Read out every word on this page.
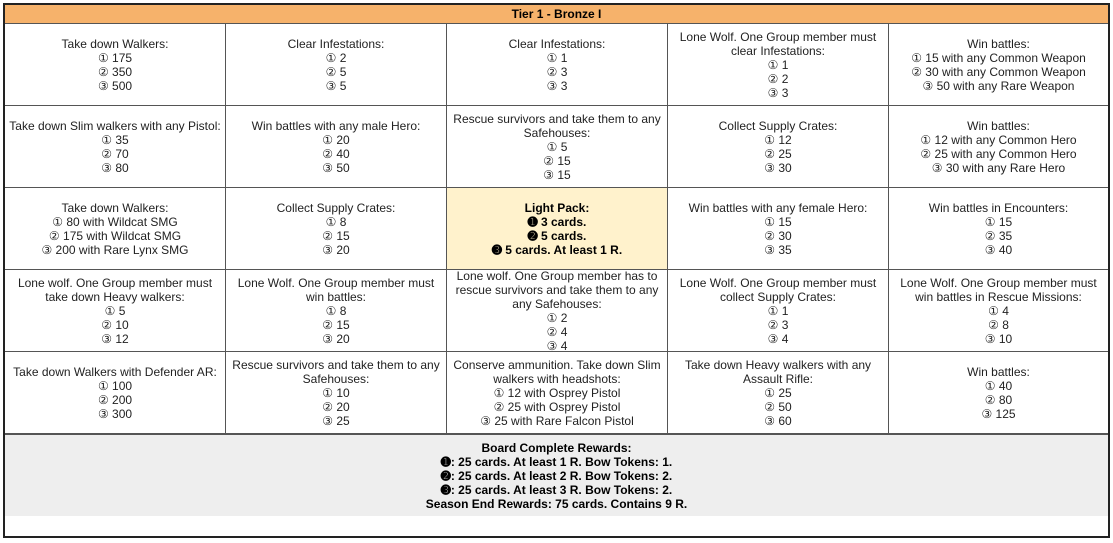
Tier 1 - Bronze I
Take down Walkers:
① 175
② 350
③ 500
Clear Infestations:
① 2
② 5
③ 5
Clear Infestations:
① 1
② 3
③ 3
Lone Wolf. One Group member must clear Infestations:
① 1
② 2
③ 3
Win battles:
① 15 with any Common Weapon
② 30 with any Common Weapon
③ 50 with any Rare Weapon
Take down Slim walkers with any Pistol:
① 35
② 70
③ 80
Win battles with any male Hero:
① 20
② 40
③ 50
Rescue survivors and take them to any Safehouses:
① 5
② 15
③ 15
Collect Supply Crates:
① 12
② 25
③ 30
Win battles:
① 12 with any Common Hero
② 25 with any Common Hero
③ 30 with any Rare Hero
Take down Walkers:
① 80 with Wildcat SMG
② 175 with Wildcat SMG
③ 200 with Rare Lynx SMG
Collect Supply Crates:
① 8
② 15
③ 20
Light Pack:
➊ 3 cards.
➋ 5 cards.
➌ 5 cards. At least 1 R.
Win battles with any female Hero:
① 15
② 30
③ 35
Win battles in Encounters:
① 15
② 35
③ 40
Lone wolf. One Group member must take down Heavy walkers:
① 5
② 10
③ 12
Lone Wolf. One Group member must win battles:
① 8
② 15
③ 20
Lone wolf. One Group member has to rescue survivors and take them to any any Safehouses:
① 2
② 4
③ 4
Lone Wolf. One Group member must collect Supply Crates:
① 1
② 3
③ 4
Lone Wolf. One Group member must win battles in Rescue Missions:
① 4
② 8
③ 10
Take down Walkers with Defender AR:
① 100
② 200
③ 300
Rescue survivors and take them to any Safehouses:
① 10
② 20
③ 25
Conserve ammunition. Take down Slim walkers with headshots:
① 12 with Osprey Pistol
② 25 with Osprey Pistol
③ 25 with Rare Falcon Pistol
Take down Heavy walkers with any Assault Rifle:
① 25
② 50
③ 60
Win battles:
① 40
② 80
③ 125
Board Complete Rewards:
➊: 25 cards. At least 1 R. Bow Tokens: 1.
➋: 25 cards. At least 2 R. Bow Tokens: 2.
➌: 25 cards. At least 3 R. Bow Tokens: 2.
Season End Rewards: 75 cards. Contains 9 R.
